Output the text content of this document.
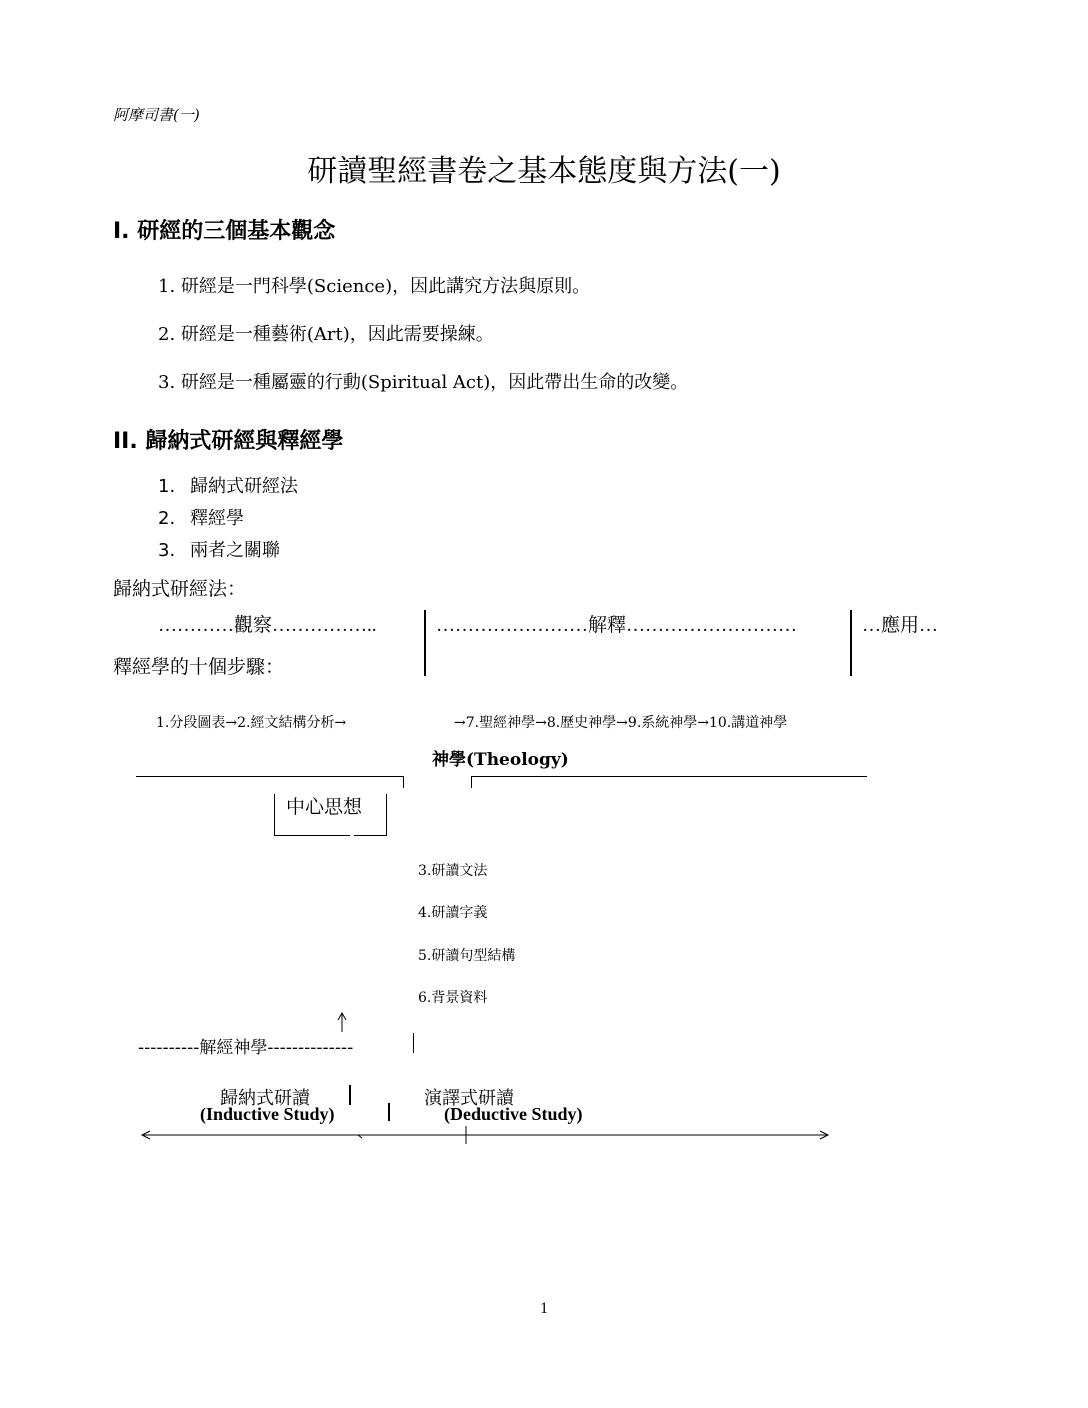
阿摩司書(一)
研讀聖經書卷之基本態度與方法(一)
I. 研經的三個基本觀念
1. 研經是一門科學(Science)，因此講究方法與原則。
2. 研經是一種藝術(Art)，因此需要操練。
3. 研經是一種屬靈的行動(Spiritual Act)，因此帶出生命的改變。
II. 歸納式研經與釋經學
1. 歸納式研經法
2. 釋經學
3. 兩者之關聯
歸納式研經法：
…………觀察……………..	……………………解釋………………………	…應用…
釋經學的十個步驟：
1.分段圖表→2.經文結構分析→	→7.聖經神學→8.歷史神學→9.系統神學→10.講道神學
神學(Theology)
中心思想
3.研讀文法
4.研讀字義
5.研讀句型結構
6.背景資料
----------解經神學--------------
歸納式研讀
(Inductive Study)
演譯式研讀
(Deductive Study)
1
